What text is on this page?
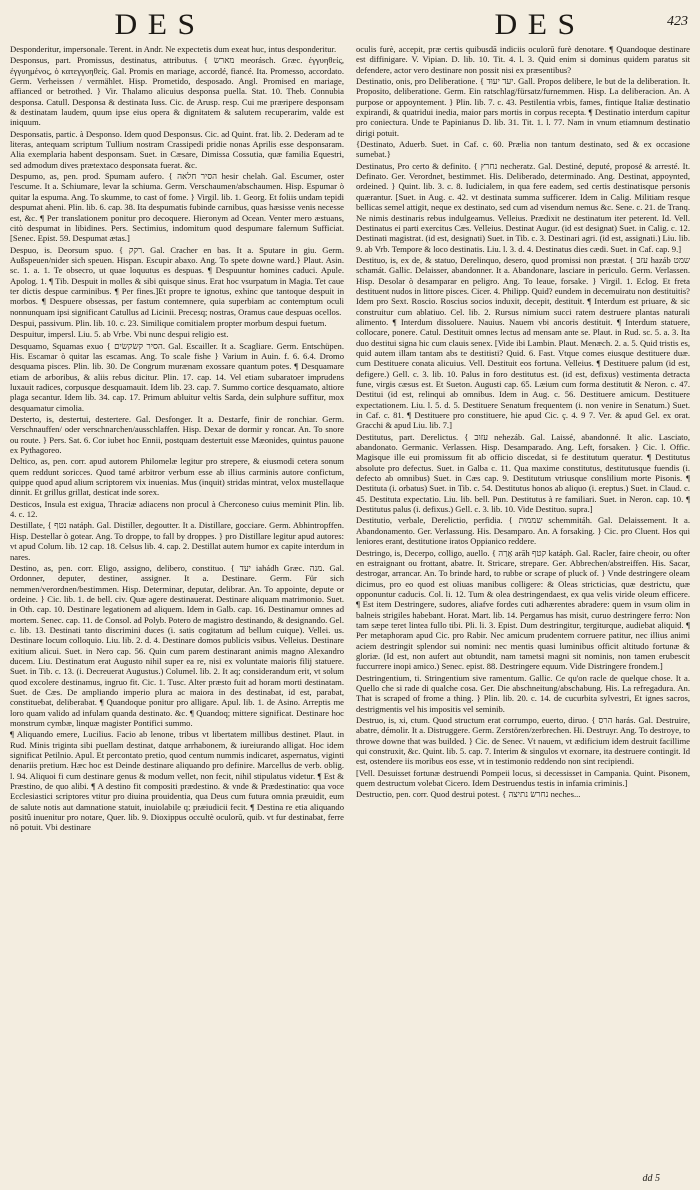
DES	DES	423

Desponderitur, impersonale. Terent. in Andr. Ne expectetis dum exeat huc, intus desponderitur.

Desponsus, part. Promissus, destinatus, attributus. { מארשׂ meorásch. Græc. ἐγγυηθείς, ἐγγυημένος, ὁ κατεγγυηθείς. Gal. Promis en mariage, accordé, fiancé. Ita. Promesso, accordato. Germ. Verheissen / vermählet. Hisp. Prometido, desposado. Angl. Promised en mariage, affianced or betrothed. } Vir. Thalamo alicuius desponsa puella. Stat. 10. Theb. Connubia desponsa. Catull. Desponsa & destinata Iuss. Cic. de Arusp. resp. Cui me præripere desponsam & destinatam laudem, quum ipse eius opera & dignitatem & salutem recuperarim, valde est iniquum.

Desponsatis, partic. à Desponso. Idem quod Desponsus. Cic. ad Quint. frat. lib. 2. Dederam ad te literas, antequam scriptum Tullium nostram Crassipedi pridie nonas Aprilis esse desponsaram. Alia exemplaria habent desponsam. Suet. in Cæsare, Dimissa Cossutia, quæ familia Equestri, sed admodum dives prætextaco desponsata fuerat. &c.

Despumo, as, pen. prod. Spumam aufero. { הסיר חלאה hesir chelah. Gal. Escumer, oster l'escume. It a. Schiumare, levar la schiuma. Germ. Verschaumen/abschaumen. Hisp. Espumar ò quitar la espuma. Ang. To skumme, to cast of fome. } Virgil. lib. 1. Georg. Et foliis undam tepidi despumat aheni. Plin. lib. 6. cap. 38. Ita despumatis fubinde carnibus, quas hæsisse venis necesse est, &c. ¶ Per translationem ponitur pro decoquere. Hieronym ad Ocean. Venter mero æstuans, citò despumat in libidines. Pers. Sectimius, indomitum quod despumare falernum Sufficiat. [Senec. Epist. 59. Despumat ætas.]

Despuo, is. Deorsum spuo. { רקק. Gal. Cracher en bas. It a. Sputare in giu. Germ. Außspeuen/nider sich speuen. Hispan. Escupir abaxo. Ang. To spete downe ward.} Plaut. Asin. sc. 1. a. 1. Te obsecro, ut quae loquutus es despuas. ¶ Despuuntur homines caduci. Apule. Apolog. 1. ¶ Tib. Despuit in molles & sibi quisque sinus. Erat hoc vsurpatum in Magia. Tet caue ter dictis despue carminibus. ¶ Per fines.]Et propre te ignotus, exhinc que tantoque despuit in morbos. ¶ Despuere obsessas, per fastum contemnere, quia superbiam ac contemptum oculi nonnunquam ipsi significant Catullus ad Licinii. Precesq; nostras, Oramus caue despuas ocellos.

Despui, passivum. Plin. lib. 10. c. 23. Similique comitialem propter morbum despui fuetum.

Despuitur, impersl. Liu. 5. ab Vrbe. Vbi nunc despui religio est.

Desquamo, Squamas exuo { הסיר קשׂקשׂים. Gal. Escailler. It a. Scagliare. Germ. Entschüpen. His. Escamar ò quitar las escamas. Ang. To scale fishe } Varium in Auin. f. 6. 6.4. Dromo desquama pisces. Plin. lib. 30. De Congrum murænam exossare quantum potes. ¶ Desquamare etiam de arboribus, & aliis rebus dicitur. Plin. 17. cap. 14. Vel etiam subaratoer imprudens luxauit radices, corpusque desquamauit. Idem lib. 23. cap. 7. Summo cortice desquamato, altiore plaga secantur. Idem lib. 34. cap. 17. Primum abluitur veltis Sarda, dein sulphure suffitur, mox desquamatur cimolia.

Desterto, is, destertui, destertere. Gal. Desfonger. It a. Destarfe, finir de ronchiar. Germ. Verschnauffen/ oder verschnarchen/ausschlaffen. Hisp. Dexar de dormir y roncar. An. To snore ou route. } Pers. Sat. 6. Cor iubet hoc Ennii, postquam destertuit esse Mæonides, quintus pauone ex Pythagoreo.

Deltico, as, pen. corr. apud autorem Philomelæ legitur pro strepere, & eiusmodi cetera sonum quem reddunt soricces. Quod tamé arbitror verbum esse ab illius carminis autore confictum, quippe quod apud alium scriptorem vix inuenias. Mus (inquit) stridas mintrat, velox mustellaque dinnit. Et grillus grillat, desticat inde sorex.

Desticos, Insula est exigua, Thraciæ adiacens non procul à Cherconeso cuius meminit Plin. lib. 4. c. 12.

Destillate, { נטף natáph. Gal. Distiller, degoutter. It a. Distillare, gocciare. Germ. Abhintropffen. Hisp. Destellar ò gotear. Ang. To droppe, to fall by droppes. } pro Distillare legitur apud autores: vt apud Colum. lib. 12 cap. 18. Celsus lib. 4. cap. 2. Destillat autem humor ex capite interdum in nares.

Destino, as, pen. corr. Eligo, assigno, delibero, constituo. { יעד iahádh Græc. מנה. Gal. Ordonner, deputer, destiner, assigner. It a. Destinare. Germ. Für sich nemmen/verordnen/bestimmen. Hisp. Determinar, deputar, delibrar. An. To appointe, depute or ordeine. } Cic. lib. 1. de bell. civ. Quæ agere destinauerat. Destinare aliquam matrimonio. Suet. in Oth. cap. 10. Destinare legationem ad aliquem. Idem in Galb. cap. 16. Destinamur omnes ad mortem. Senec. cap. 11. de Consol. ad Polyb. Potero de magistro destinando, & designando. Gel. c. lib. 13. Destinati tanto discrimini duces (i. satis cogitatum ad bellum cuique). Vellei. us. Destinare locum colloquio. Liu. lib. 2. d. 4. Destinare domos publicis vsibus. Velleius. Destinare exitium alicui. Suet. in Nero cap. 56. Quin cum parem destinarant animis magno Alexandro ducem. Liu. Destinatum erat Augusto nihil super ea re, nisi ex voluntate maioris filij statuere. Suet. in Tib. c. 13. (i. Decreuerat Augustus.) Columel. lib. 2. It aq; considerandum erit, vt solum quod excolere destinamus, ingruo fit. Cic. 1. Tusc. Alter præsto fuit ad horam morti destinatam. Suet. de Cæs. De ampliando imperio plura ac maiora in des destinabat, id est, parabat, constituebat, deliberabat. ¶ Quandoque ponitur pro alligare. Apul. lib. 1. de Asino. Arreptis me loro quam valido ad infulam quanda destinato. &c. ¶ Quandoq; mittere significat. Destinare hoc monstrum cymbæ, linquæ magister Pontifici summo.

¶ Aliquando emere, Lucilius. Facio ab lenone, tribus vt libertatem millibus destinet. Plaut. in Rud. Minis triginta sibi puellam destinat, datque arrhabonem, & iureiurando alligat. Hoc idem significat Petilnio. Apul. Et percontato pretio, quod centum nummis indicaret, aspernatus, viginti denariis pretium. Hæc hoc est Deinde destinare aliquando pro definire. Marcellus de verb. oblig. l. 94. Aliquoi fi cum destinare genus & modum vellet, non fecit, nihil stipulatus videtur. ¶ Est & Præstino, de quo alibi. ¶ A destino fit compositi prædestino. & vnde & Prædestinatio: qua voce Ecclesiastici scriptores vtitur pro diuina prouidentia, qua Deus cum futura omnia præuidit, eum de salute notis aut damnatione statuit, inuiolabile q; præiudicii fecit. ¶ Destina re etia aliquando positû inuenitur pro notare, Quer. lib. 9. Dioxippus occultè oculorū, quib. vt fur destinabat, ferre nō potuit. Vbi destinare

oculis furè, accepit, præ certis quibusdā indiciis oculorū furè denotare. ¶ Quandoque destinare est diffinigare. V. Vipian. D. lib. 10. Tit. 4. l. 3. Quid enim si dominus quidem paratus sit defendere, actor vero destinare non possit nisi ex præsentibus?

Destinatio, onis, pro Deliberatione. { יעד יעוּד. Gall. Propos delibere, le but de la deliberation. It. Proposito, deliberatione. Germ. Ein ratschlag/fürsatz/furnemmen. Hisp. La deliberacion. An. A purpose or appoyntement. } Plin. lib. 7. c. 43. Pestilentia vrbis, fames, fintique Italiæ destinatio expirandi, & quatridui inedia, maior pars mortis in corpus recepta. ¶ Destinatio interdum capitur pro coniectura. Unde te Papinianus D. lib. 31. Tit. 1. l. 77. Nam in vnum etiamnum destinatio dirigi potuit.

{Destinato, Aduerb. Suet. in Caf. c. 60. Prælia non tantum destinato, sed & ex occasione sumebat.}

Destinatus, Pro certo & definito. { נחרץ necheratz. Gal. Destiné, deputé, proposé & arresté. It. Definato. Ger. Verordnet, bestimmet. His. Deliberado, determinado. Ang. Destinat, appoynted, ordeined. } Quint. lib. 3. c. 8. Iudicialem, in qua fere eadem, sed certis destinatisque personis quærantur. [Suet. in Aug. c. 42. vt destinata summa sufficerer. Idem in Calig. Militiam resque bellicas semel attigit, neque ex destinato, sed cum ad visendum nemus &c. Sene. c. 21. de Tranq. Ne nimis destinaris rebus indulgeamus. Velleius. Prædixit ne destinatum iter peterent. Id. Vell. Destinatus ei parti exercitus Cæs. Velleius. Destinat Augur. (id est designat) Suet. in Calig. c. 12. Destinati magistrat. (id est, designati) Suet. in Tib. c. 3. Destinari agri. (id est, assignati.) Liu. lib. 9. ab Vrb. Tempore & loco destinatis. Liu. l. 3. d. 4. Destinatus dies cædi. Suet. in Caf. cap. 9.]

Destituo, is, ex de, & statuo, Derelinquo, desero, quod promissi non præstat. { עזב hazáb שמט schamát. Gallic. Delaisser, abandonner. It a. Abandonare, lasciare in periculo. Germ. Verlassen. Hisp. Desolar ò desamparar en peligro. Ang. To leaue, forsake. } Virgil. 1. Eclog. Et freta destituent nudos in littore pisces. Cicer. 4. Philipp. Quid? eundem in decemuiratu non destituitis? Idem pro Sext. Roscio. Roscius socios induxit, decepit, destituit. ¶ Interdum est priuare, & sic construitur cum ablatiuo. Cel. lib. 2. Rursus nimium succi ratem destruere plantas naturali alimento. ¶ Interdum dissoluere. Nauius. Nauem vbi ancoris destituit. ¶ Interdum statuere, collocare, ponere. Catul. Destituit omnes lectus ad mensam ante se. Plaut. in Rud. sc. 5. a. 3. Ita duo destitui signa hic cum clauis senex. [Vide ibi Lambin. Plaut. Menæch. 2. a. 5. Quid tristis es, quid autem illam tantam abs te destitisti? Quid. 6. Fast. Vtque comes eiusque destituere duæ. cum Destituere conata alicuius. Vell. Destituit eos fortuna. Velleius. ¶ Destituere palum (id est, defigere.) Gell. c. 3. lib. 10. Palus in foro destitutus est. (id est, defixus) vestimenta detracta fune, virgis cæsus est. Et Sueton. Augusti cap. 65. Læium cum forma destitutit & Neron. c. 47. Destitui (id est, relinqui ab omnibus. Idem in Aug. c. 56. Destituere amicum. Destituere expectationem. Liu. l. 5. d. 5. Destituere Senatum frequentem (i. non venire in Senatum.) Suet. in Caf. c. 81. ¶ Destituere pro constituere, hie apud Cic. ç. 4. 9 7. Ver. & apud Gel. ex orat. Gracchi & apud Liu. lib. 7.]

Destitutus, part. Derelictus. { עזוּב nehezáb. Gal. Laissé, abandonné. It alic. Lasciato, abandonato. Germanic. Verlassen. Hisp. Desamparado. Ang. Left, forsaken. } Cic. l. Offic. Magisque ille eui promissum fit ab officio discedat, si fe destitutum queratur. ¶ Destitutus absolute pro defectus. Suet. in Galba c. 11. Qua maxime constitutus, destitutusque fuendis (i. defecto ab omnibus) Suet. in Cæs cap. 9. Destitutum vtriusque conslilium morte Pisonis. ¶ Destituta (i. orbatus) Suet. in Tib. c. 54. Destitutus honos ab aliquo (i. ereptus.) Suet. in Claud. c. 45. Destituta expectatio. Liu. lib. bell. Pun. Destitutus à re familiari. Suet. in Neron. cap. 10. ¶ Destitutus palus (i. defixus.) Gell. c. 3. lib. 10. Vide Destituo. supra.]

Destitutio, verbale, Derelictio, perfidia. { שממוּת schemmitáh. Gal. Delaissement. It a. Abandonamento. Ger. Verlassung. His. Desamparo. An. A forsaking. } Cic. pro Cluent. Hos qui leniores erant, destitutione iratos Oppianico reddere.

Destringo, is, Decerpo, colligo, auello. { אָרַה arāh קטף katáph. Gal. Racler, faire cheoir, ou ofter en estraignant ou frottant, abatre. It. Stricare, strepare. Ger. Abbrechen/abstreiffen. His. Sacar, destrogar, arrancar. An. To brinde hard, to rubbe or scrape of pluck of. } Vnde destringere oleam dicimus, pro eo quod est oliuas manibus colligere: & Oleas stricticias, quæ destrictu, quæ opponuntur caducis. Col. li. 12. Tum & olea destringendaest, ex qua velis viride oleum efficere. ¶ Est item Destringere, sudores, aliafve fordes cuti adhærentes abradere: quem in vsum olim in balneis strigiles habebant. Horat. Mart. lib. 14. Pergamus has misit, curuo destringere ferro: Non tam sæpe teret lintea fullo tibi. Pli. li. 3. Epist. Dum destringitur, tergiturque, audiebat aliquid. ¶ Per metaphoram apud Cic. pro Rabir. Nec amicum prudentem corruere patitur, nec illius animi aciem destringit splendor sui nomini: nec mentis quasi luminibus officit altitudo fortunæ & gloriæ. (Id est, non aufert aut obtundit, nam tametsi magni sit nominis, non tamen erubescit fuccurrere inopi amico.) Senec. epist. 88. Destringere equum. Vide Distringere frondem.]

Destringentium, ti. Stringentium sive ramentum. Gallic. Ce qu'on racle de quelque chose. It a. Quello che si rade di qualche cosa. Ger. Die abschneitung/abschabung. His. La refregadura. An. That is scraped of frome a thing. } Plin. lib. 20. c. 14. de cucurbita sylvestri, Et ignes sacros, destrigmentis vel his impositis vel seminib.

Destruo, is, xi, ctum. Quod structum erat corrumpo, euerto, diruo. { הרס harás. Gal. Destruire, abatre, démolir. It a. Distruggere. Germ. Zerstören/zerbrechen. Hi. Destruyr. Ang. To destroye, to throwe downe that was builded. } Cic. de Senec. Vt nauem, vt ædificium idem destruit facillime qui construxit, &c. Quint. lib. 5. cap. 7. Interim & singulos vt exornare, ita destruere contingit. Id est, ostendere iis moribus eos esse, vt in testimonio reddendo non sint recipiendi.

[Vell. Desuisset fortunæ destruendi Pompeii locus, si decessisset in Campania. Quint. Pisonem, quem destructum volebat Cicero. Idem Destruendus testis in infamia criminis.]

Destructio, pen. corr. Quod destrui potest. { נחרשׂ נתיצה neches...

dd 5
